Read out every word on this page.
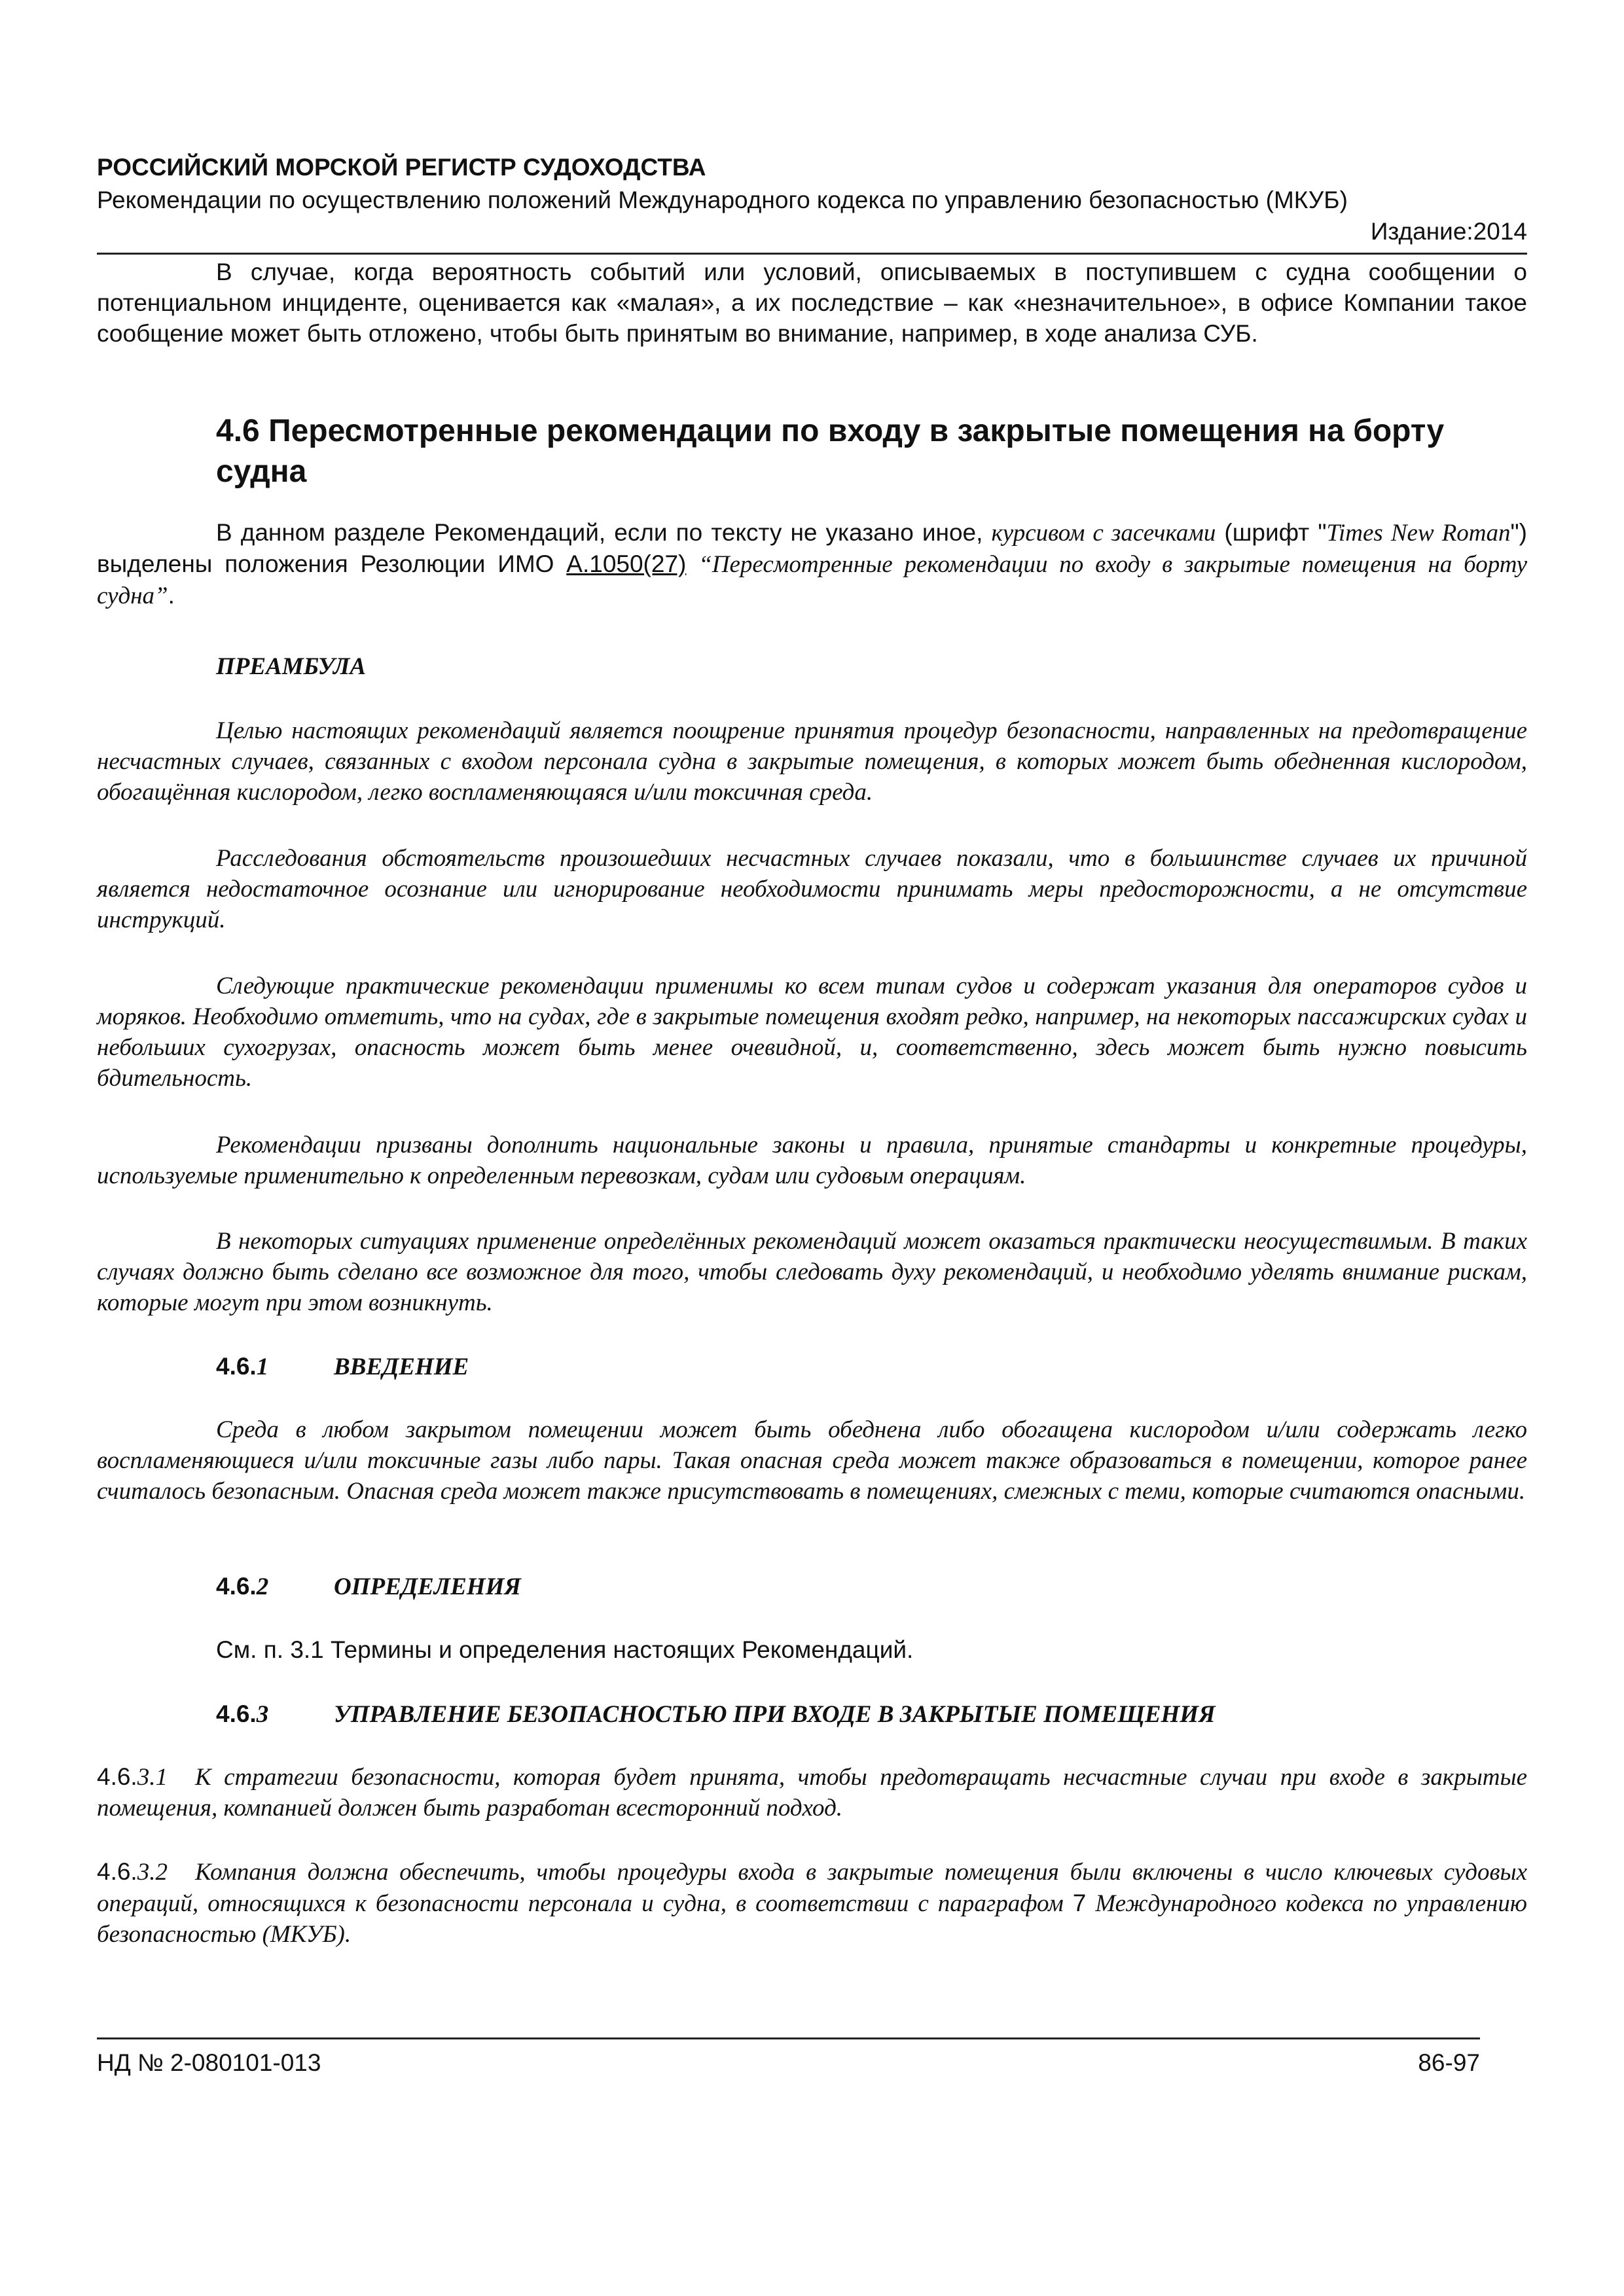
РОССИЙСКИЙ МОРСКОЙ РЕГИСТР СУДОХОДСТВА
Рекомендации по осуществлению положений Международного кодекса по управлению безопасностью (МКУБ)
Издание:2014
В случае, когда вероятность событий или условий, описываемых в поступившем с судна сообщении о потенциальном инциденте, оценивается как «малая», а их последствие – как «незначительное», в офисе Компании такое сообщение может быть отложено, чтобы быть принятым во внимание, например, в ходе анализа СУБ.
4.6 Пересмотренные рекомендации по входу в закрытые помещения на борту судна
В данном разделе Рекомендаций, если по тексту не указано иное, курсивом с засечками (шрифт "Times New Roman") выделены положения Резолюции ИМО А.1050(27) “Пересмотренные рекомендации по входу в закрытые помещения на борту судна”.
ПРЕАМБУЛА
Целью настоящих рекомендаций является поощрение принятия процедур безопасности, направленных на предотвращение несчастных случаев, связанных с входом персонала судна в закрытые помещения, в которых может быть обедненная кислородом, обогащённая кислородом, легко воспламеняющаяся и/или токсичная среда.
Расследования обстоятельств произошедших несчастных случаев показали, что в большинстве случаев их причиной является недостаточное осознание или игнорирование необходимости принимать меры предосторожности, а не отсутствие инструкций.
Следующие практические рекомендации применимы ко всем типам судов и содержат указания для операторов судов и моряков. Необходимо отметить, что на судах, где в закрытые помещения входят редко, например, на некоторых пассажирских судах и небольших сухогрузах, опасность может быть менее очевидной, и, соответственно, здесь может быть нужно повысить бдительность.
Рекомендации призваны дополнить национальные законы и правила, принятые стандарты и конкретные процедуры, используемые применительно к определенным перевозкам, судам или судовым операциям.
В некоторых ситуациях применение определённых рекомендаций может оказаться практически неосуществимым. В таких случаях должно быть сделано все возможное для того, чтобы следовать духу рекомендаций, и необходимо уделять внимание рискам, которые могут при этом возникнуть.
4.6.1	ВВЕДЕНИЕ
Среда в любом закрытом помещении может быть обеднена либо обогащена кислородом и/или содержать легко воспламеняющиеся и/или токсичные газы либо пары. Такая опасная среда может также образоваться в помещении, которое ранее считалось безопасным. Опасная среда может также присутствовать в помещениях, смежных с теми, которые считаются опасными.
4.6.2	ОПРЕДЕЛЕНИЯ
См. п. 3.1 Термины и определения настоящих Рекомендаций.
4.6.3	УПРАВЛЕНИЕ БЕЗОПАСНОСТЬЮ ПРИ ВХОДЕ В ЗАКРЫТЫЕ ПОМЕЩЕНИЯ
4.6.3.1 К стратегии безопасности, которая будет принята, чтобы предотвращать несчастные случаи при входе в закрытые помещения, компанией должен быть разработан всесторонний подход.
4.6.3.2 Компания должна обеспечить, чтобы процедуры входа в закрытые помещения были включены в число ключевых судовых операций, относящихся к безопасности персонала и судна, в соответствии с параграфом 7 Международного кодекса по управлению безопасностью (МКУБ).
НД № 2-080101-013	86-97
